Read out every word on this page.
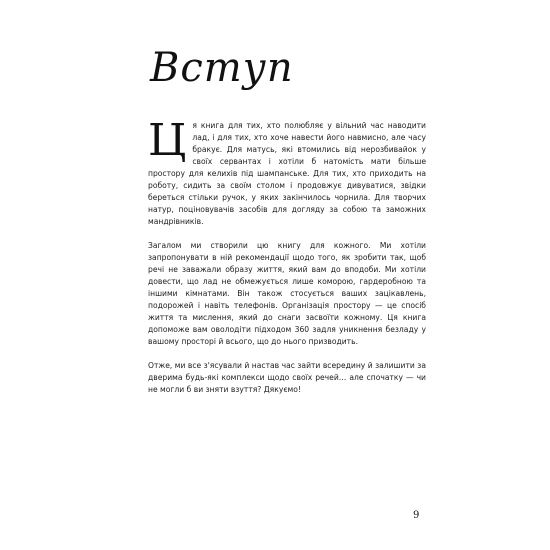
Вступ

Ця книга для тих, хто полюбляє у вільний час наводити лад, і для тих, хто хоче навести його навмисно, але часу бракує. Для матусь, які втомились від нерозбивайок у своїх сервантах і хотіли б натомість мати більше простору для келихів під шампанське. Для тих, хто приходить на роботу, сидить за своїм столом і продовжує дивуватися, звідки береться стільки ручок, у яких закінчилось чорнила. Для творчих натур, поціновувачів засобів для догляду за собою та заможних мандрівників.

Загалом ми створили цю книгу для кожного. Ми хотіли запропонувати в ній рекомендації щодо того, як зробити так, щоб речі не заважали образу життя, який вам до вподоби. Ми хотіли довести, що лад не обмежується лише коморою, гардеробною та іншими кімнатами. Він також стосується ваших зацікавлень, подорожей і навіть телефонів. Організація простору — це спосіб життя та мислення, який до снаги засвоїти кожному. Ця книга допоможе вам оволодіти підходом 360 задля уникнення безладу у вашому просторі й всього, що до нього призводить.

Отже, ми все з'ясували й настав час зайти всередину й залишити за дверима будь-які комплекси щодо своїх речей… але спочатку — чи не могли б ви зняти взуття? Дякуємо!

9
